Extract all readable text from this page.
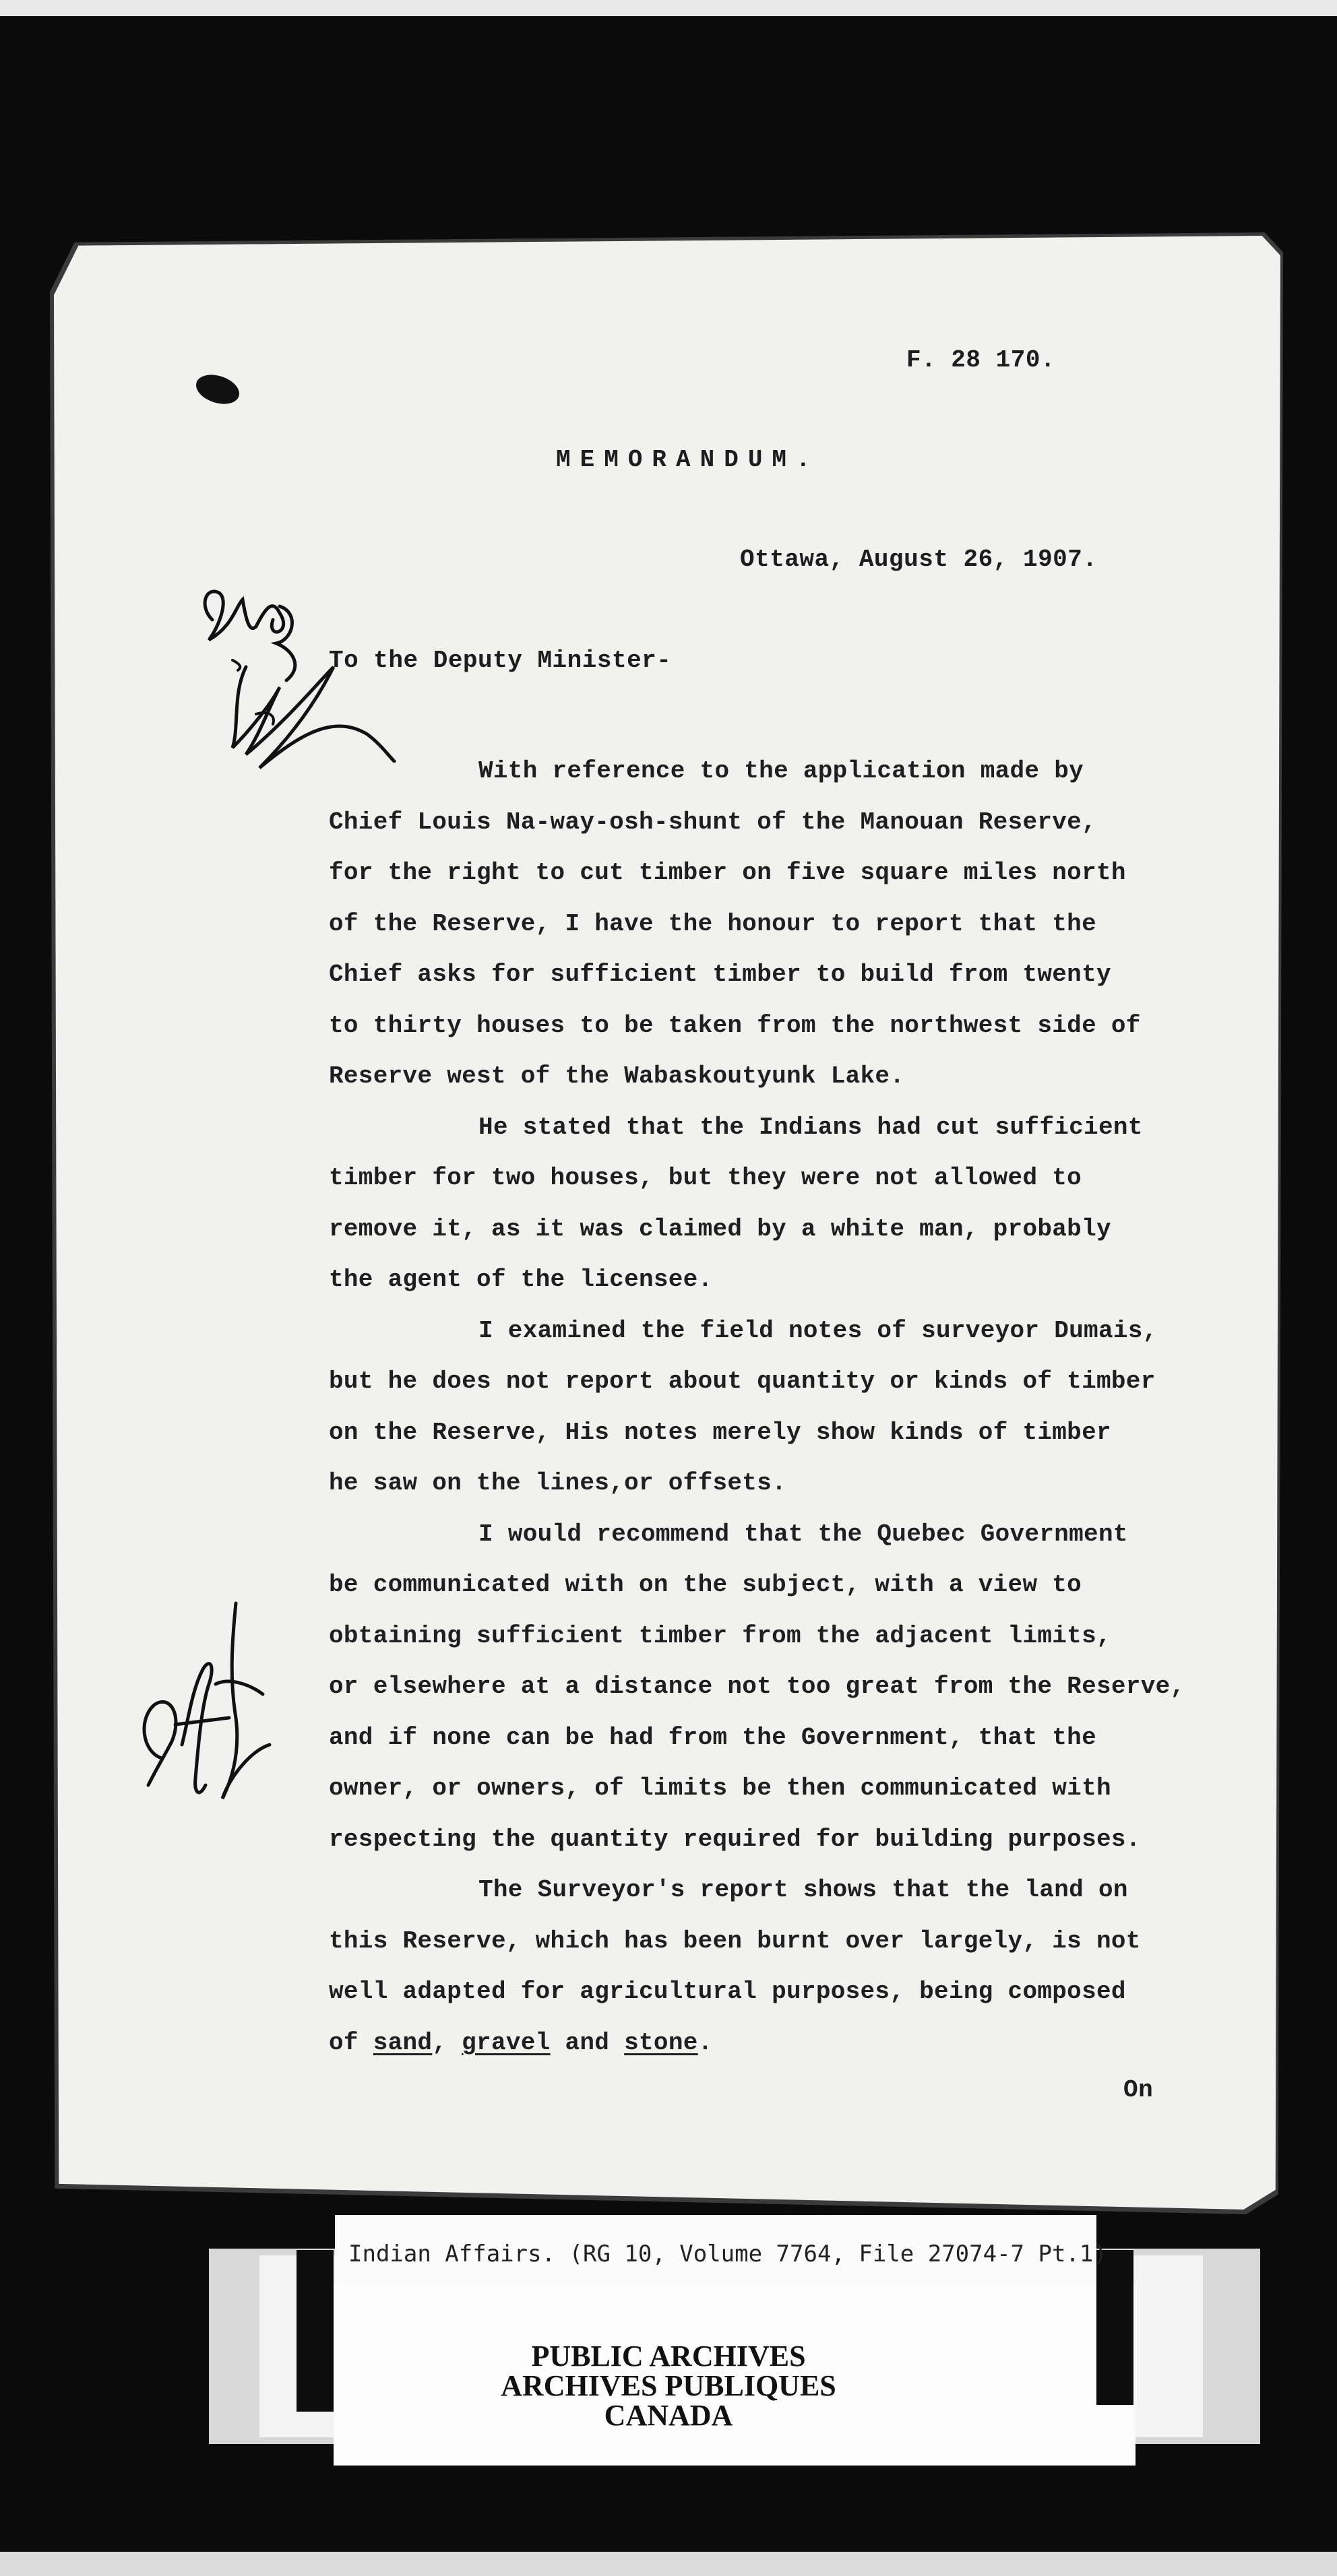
F. 28 170.
MEMORANDUM.
Ottawa, August 26, 1907.
To the Deputy Minister-
With reference to the application made by
Chief Louis Na-way-osh-shunt of the Manouan Reserve,
for the right to cut timber on five square miles north
of the Reserve, I have the honour to report that the
Chief asks for sufficient timber to build from twenty
to thirty houses to be taken from the northwest side of
Reserve west of the Wabaskoutyunk Lake.
He stated that the Indians had cut sufficient
timber for two houses, but they were not allowed to
remove it, as it was claimed by a white man, probably
the agent of the licensee.
I examined the field notes of surveyor Dumais,
but he does not report about quantity or kinds of timber
on the Reserve, His notes merely show kinds of timber
he saw on the lines,or offsets.
I would recommend that the Quebec Government
be communicated with on the subject, with a view to
obtaining sufficient timber from the adjacent limits,
or elsewhere at a distance not too great from the Reserve,
and if none can be had from the Government, that the
owner, or owners, of limits be then communicated with
respecting the quantity required for building purposes.
The Surveyor's report shows that the land on
this Reserve, which has been burnt over largely, is not
well adapted for agricultural purposes, being composed
of sand, gravel and stone.
On
Indian Affairs. (RG 10, Volume 7764, File 27074-7 Pt.1)
PUBLIC ARCHIVES
ARCHIVES PUBLIQUES
CANADA
